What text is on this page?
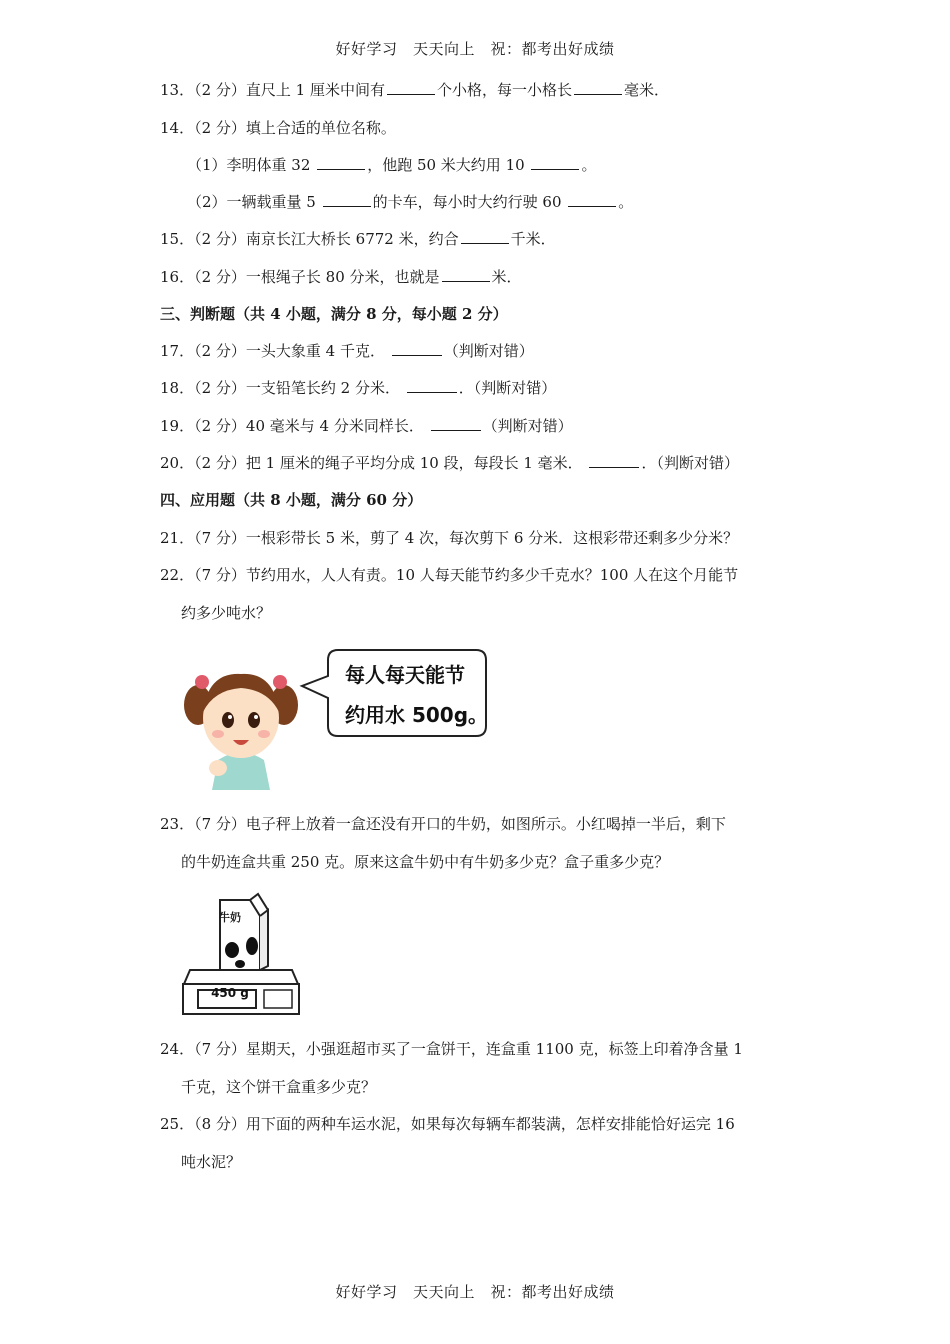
好好学习　天天向上　祝：都考出好成绩
13．（2 分）直尺上 1 厘米中间有	个小格，每一小格长	毫米．
14．（2 分）填上合适的单位名称。
（1）李明体重 32	，他跑 50 米大约用 10	。
（2）一辆载重量 5	的卡车，每小时大约行驶 60	。
15．（2 分）南京长江大桥长 6772 米，约合	千米．
16．（2 分）一根绳子长 80 分米，也就是	米．
三、判断题（共 4 小题，满分 8 分，每小题 2 分）
17．（2 分）一头大象重 4 千克．	（判断对错）
18．（2 分）一支铅笔长约 2 分米．	．（判断对错）
19．（2 分）40 毫米与 4 分米同样长．	（判断对错）
20．（2 分）把 1 厘米的绳子平均分成 10 段，每段长 1 毫米．	．（判断对错）
四、应用题（共 8 小题，满分 60 分）
21．（7 分）一根彩带长 5 米，剪了 4 次，每次剪下 6 分米．这根彩带还剩多少分米？
22．（7 分）节约用水，人人有责。10 人每天能节约多少千克水？100 人在这个月能节
约多少吨水？
每人每天能节
约用水 500g。
23．（7 分）电子秤上放着一盒还没有开口的牛奶，如图所示。小红喝掉一半后，剩下
的牛奶连盒共重 250 克。原来这盒牛奶中有牛奶多少克？盒子重多少克？
牛奶
450 g
24．（7 分）星期天，小强逛超市买了一盒饼干，连盒重 1100 克，标签上印着净含量 1
千克，这个饼干盒重多少克？
25．（8 分）用下面的两种车运水泥，如果每次每辆车都装满，怎样安排能恰好运完 16
吨水泥？
好好学习　天天向上　祝：都考出好成绩
